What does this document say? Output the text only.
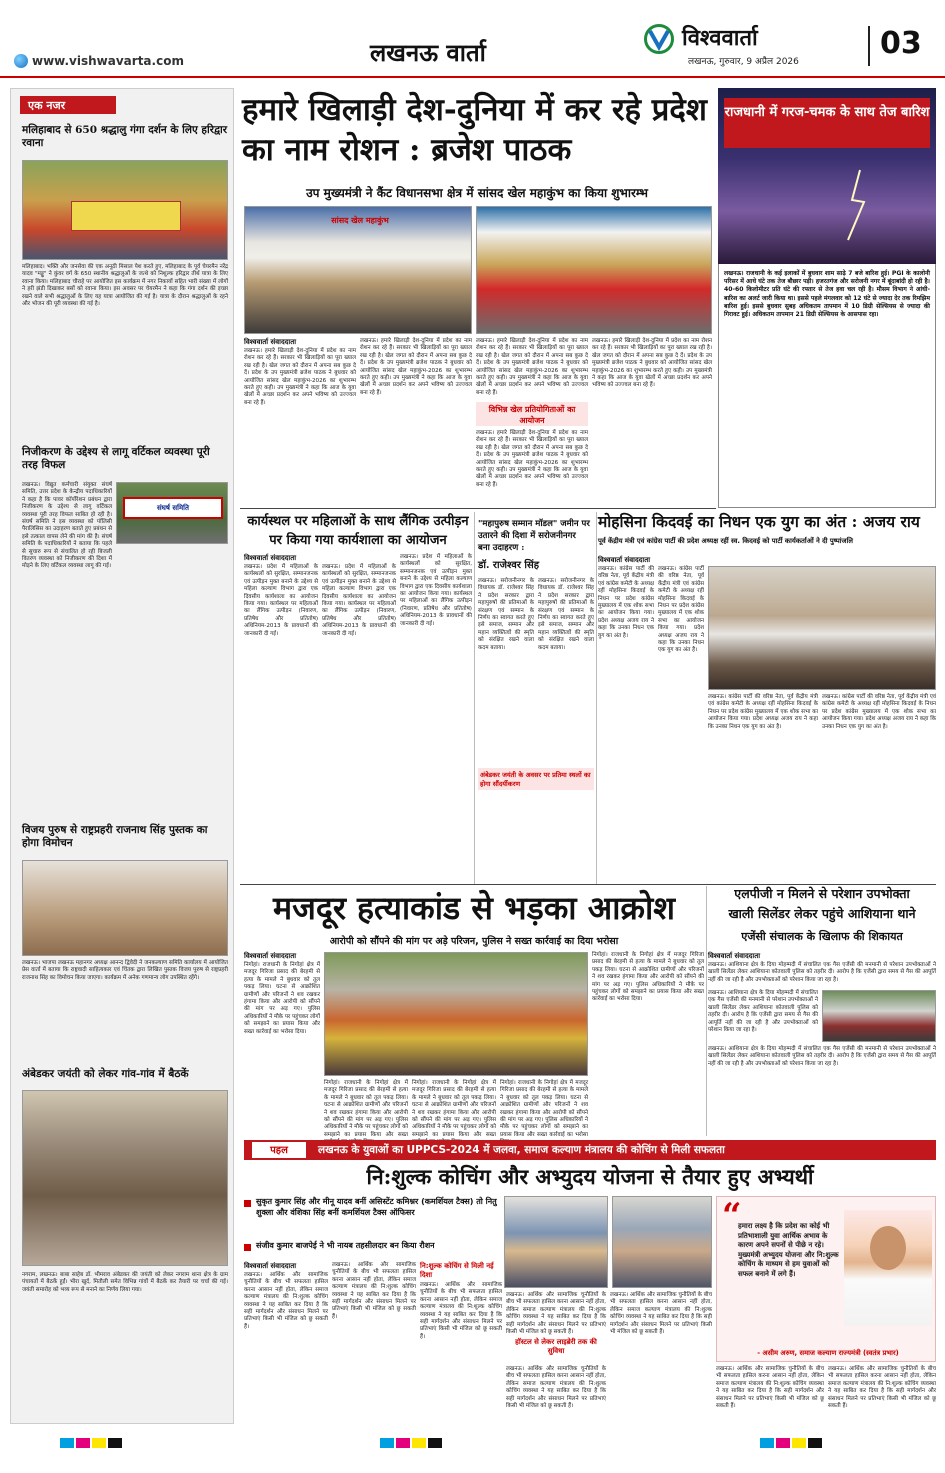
लखनऊ वार्ता
www.vishwavarta.com
विश्ववार्ता
लखनऊ, गुरुवार, 9 अप्रैल 2026
03
एक नजर
मलिहाबाद से 650 श्रद्धालु गंगा दर्शन के लिए हरिद्वार रवाना
मलिहाबाद। भक्ति और जनसेवा की एक अनूठी मिसाल पेश करते हुए, मलिहाबाद के पूर्व चेयरमैन नरेंद्र यादव "मड्डू" ने कुंवर वर्ग के 650 स्थानीय श्रद्धालुओं के जत्थे को निशुल्क हरिद्वार तीर्थ यात्रा के लिए रवाना किया। मलिहाबाद चौराहे पर आयोजित इस कार्यक्रम में नगर निकायों सहित भारी संख्या में लोगों ने हरी झंडी दिखाकर बसों को रवाना किया। इस अवसर पर चेयरमैन ने कहा कि गंगा दर्शन की इच्छा रखने वाले सभी श्रद्धालुओं के लिए यह यात्रा आयोजित की गई है। यात्रा के दौरान श्रद्धालुओं के रहने और भोजन की पूरी व्यवस्था की गई है।
निजीकरण के उद्देश्य से लागू वर्टिकल व्यवस्था पूरी तरह विफल
संघर्ष समिति
लखनऊ। विद्युत कर्मचारी संयुक्त संघर्ष समिति, उत्तर प्रदेश के केन्द्रीय पदाधिकारियों ने कहा है कि पावर कॉर्पोरेशन प्रबंधन द्वारा निजीकरण के उद्देश्य से लागू वर्टिकल व्यवस्था पूरी तरह विफल साबित हो रही है। संघर्ष समिति ने इस व्यवस्था को पॉलिसी पैरालिसिस का उदाहरण बताते हुए प्रबंधन से इसे तत्काल वापस लेने की मांग की है। संघर्ष समिति के पदाधिकारियों ने बताया कि पहले से सुचारु रूप से संचालित हो रही बिजली वितरण व्यवस्था को निजीकरण की दिशा में मोड़ने के लिए वर्टिकल व्यवस्था लागू की गई।
विजय पुरुष से राष्ट्रप्रहरी राजनाथ सिंह पुस्तक का होगा विमोचन
लखनऊ। भाजपा लखनऊ महानगर अध्यक्ष आनन्द द्विवेदी ने जनकल्याण समिति कार्यालय में आयोजित प्रेस वार्ता में बताया कि राष्ट्रवादी साहित्यकार एवं चिंतक द्वारा लिखित पुस्तक विजय पुरुष से राष्ट्रप्रहरी राजनाथ सिंह का विमोचन किया जाएगा। कार्यक्रम में अनेक गणमान्य लोग उपस्थित रहेंगे।
अंबेडकर जयंती को लेकर गांव-गांव में बैठकें
नगराम, लखनऊ। बाबा साहेब डॉ. भीमराव अंबेडकर की जयंती को लेकर नगराम थाना क्षेत्र के ग्राम पंचायतों में बैठकें हुईं। भीरा खुर्द, मितौली समेत विभिन्न गांवों में बैठकें कर तैयारी पर चर्चा की गई। जयंती समारोह को भव्य रूप से मनाने का निर्णय लिया गया।
हमारे खिलाड़ी देश-दुनिया में कर रहे प्रदेश का नाम रोशन : ब्रजेश पाठक
उप मुख्यमंत्री ने कैंट विधानसभा क्षेत्र में सांसद खेल महाकुंभ का किया शुभारम्भ
सांसद खेल महाकुंभ
विश्ववार्ता संवाददाता
लखनऊ। हमारे खिलाड़ी देश-दुनिया में प्रदेश का नाम रोशन कर रहे हैं। सरकार भी खिलाड़ियों का पूरा ख्याल रख रही है। खेल जगत को दौरान में अपना सब कुछ दे दें। प्रदेश के उप मुख्यमंत्री ब्रजेश पाठक ने बुधवार को आयोजित सांसद खेल महाकुंभ-2026 का शुभारम्भ करते हुए कही। उप मुख्यमंत्री ने कहा कि आज के युवा खेलों में अच्छा प्रदर्शन कर अपने भविष्य को उज्ज्वल बना रहे हैं।
लखनऊ। हमारे खिलाड़ी देश-दुनिया में प्रदेश का नाम रोशन कर रहे हैं। सरकार भी खिलाड़ियों का पूरा ख्याल रख रही है। खेल जगत को दौरान में अपना सब कुछ दे दें। प्रदेश के उप मुख्यमंत्री ब्रजेश पाठक ने बुधवार को आयोजित सांसद खेल महाकुंभ-2026 का शुभारम्भ करते हुए कही। उप मुख्यमंत्री ने कहा कि आज के युवा खेलों में अच्छा प्रदर्शन कर अपने भविष्य को उज्ज्वल बना रहे हैं।
लखनऊ। हमारे खिलाड़ी देश-दुनिया में प्रदेश का नाम रोशन कर रहे हैं। सरकार भी खिलाड़ियों का पूरा ख्याल रख रही है। खेल जगत को दौरान में अपना सब कुछ दे दें। प्रदेश के उप मुख्यमंत्री ब्रजेश पाठक ने बुधवार को आयोजित सांसद खेल महाकुंभ-2026 का शुभारम्भ करते हुए कही। उप मुख्यमंत्री ने कहा कि आज के युवा खेलों में अच्छा प्रदर्शन कर अपने भविष्य को उज्ज्वल बना रहे हैं।
विभिन्न खेल प्रतियोगिताओं का आयोजन
लखनऊ। हमारे खिलाड़ी देश-दुनिया में प्रदेश का नाम रोशन कर रहे हैं। सरकार भी खिलाड़ियों का पूरा ख्याल रख रही है। खेल जगत को दौरान में अपना सब कुछ दे दें। प्रदेश के उप मुख्यमंत्री ब्रजेश पाठक ने बुधवार को आयोजित सांसद खेल महाकुंभ-2026 का शुभारम्भ करते हुए कही। उप मुख्यमंत्री ने कहा कि आज के युवा खेलों में अच्छा प्रदर्शन कर अपने भविष्य को उज्ज्वल बना रहे हैं।
लखनऊ। हमारे खिलाड़ी देश-दुनिया में प्रदेश का नाम रोशन कर रहे हैं। सरकार भी खिलाड़ियों का पूरा ख्याल रख रही है। खेल जगत को दौरान में अपना सब कुछ दे दें। प्रदेश के उप मुख्यमंत्री ब्रजेश पाठक ने बुधवार को आयोजित सांसद खेल महाकुंभ-2026 का शुभारम्भ करते हुए कही। उप मुख्यमंत्री ने कहा कि आज के युवा खेलों में अच्छा प्रदर्शन कर अपने भविष्य को उज्ज्वल बना रहे हैं।
राजधानी में गरज-चमक के साथ तेज बारिश
लखनऊ। राजधानी के कई इलाकों में बुधवार शाम साढ़े 7 बजे बारिश हुई। PGI के कालोनी परिसर में आधे घंटे तक तेज बौछार पड़ी। हजरतगंज और सरोजनी नगर में बूंदाबांदी हो रही है। 40-60 किलोमीटर प्रति घंटे की रफ्तार से तेज हवा चल रही है। मौसम विभाग ने आंधी-बारिश का अलर्ट जारी किया था। इससे पहले मंगलवार को 12 घंटे से ज्यादा देर तक रिमझिम बारिश हुई। इससे बुधवार सुबह अधिकतम तापमान में 10 डिग्री सेल्सियस से ज्यादा की गिरावट हुई। अधिकतम तापमान 21 डिग्री सेल्सियस के आसपास रहा।
कार्यस्थल पर महिलाओं के साथ लैंगिक उत्पीड़न पर किया गया कार्यशाला का आयोजन
विश्ववार्ता संवाददाता
लखनऊ। प्रदेश में महिलाओं के कार्यस्थलों को सुरक्षित, सम्मानजनक एवं उत्पीड़न मुक्त बनाने के उद्देश्य से महिला कल्याण विभाग द्वारा एक दिवसीय कार्यशाला का आयोजन किया गया। कार्यस्थल पर महिलाओं का लैंगिक उत्पीड़न (निवारण, प्रतिषेध और प्रतितोष) अधिनियम-2013 के प्रावधानों की जानकारी दी गई।
लखनऊ। प्रदेश में महिलाओं के कार्यस्थलों को सुरक्षित, सम्मानजनक एवं उत्पीड़न मुक्त बनाने के उद्देश्य से महिला कल्याण विभाग द्वारा एक दिवसीय कार्यशाला का आयोजन किया गया। कार्यस्थल पर महिलाओं का लैंगिक उत्पीड़न (निवारण, प्रतिषेध और प्रतितोष) अधिनियम-2013 के प्रावधानों की जानकारी दी गई।
लखनऊ। प्रदेश में महिलाओं के कार्यस्थलों को सुरक्षित, सम्मानजनक एवं उत्पीड़न मुक्त बनाने के उद्देश्य से महिला कल्याण विभाग द्वारा एक दिवसीय कार्यशाला का आयोजन किया गया। कार्यस्थल पर महिलाओं का लैंगिक उत्पीड़न (निवारण, प्रतिषेध और प्रतितोष) अधिनियम-2013 के प्रावधानों की जानकारी दी गई।
"महापुरुष सम्मान मॉडल" जमीन पर उतारने की दिशा में सरोजनीनगर बना उदाहरण :
डॉ. राजेश्वर सिंह
लखनऊ। सरोजनीनगर के विधायक डॉ. राजेश्वर सिंह ने प्रदेश सरकार द्वारा महापुरुषों की प्रतिमाओं के संरक्षण एवं सम्मान के निर्णय का स्वागत करते हुए इसे समाज, सम्मान और महान व्यक्तित्वों की स्मृति को संरक्षित रखने वाला कदम बताया।
लखनऊ। सरोजनीनगर के विधायक डॉ. राजेश्वर सिंह ने प्रदेश सरकार द्वारा महापुरुषों की प्रतिमाओं के संरक्षण एवं सम्मान के निर्णय का स्वागत करते हुए इसे समाज, सम्मान और महान व्यक्तित्वों की स्मृति को संरक्षित रखने वाला कदम बताया।
अंबेडकर जयंती के अवसर पर प्रतिमा स्थलों का होगा सौंदर्यीकरण
मोहसिना किदवई का निधन एक युग का अंत : अजय राय
पूर्व केंद्रीय मंत्री एवं कांग्रेस पार्टी की प्रदेश अध्यक्ष रहीं स्व. किदवई को पार्टी कार्यकर्ताओं ने दी पुष्पांजलि
विश्ववार्ता संवाददाता
लखनऊ। कांग्रेस पार्टी की वरिष्ठ नेता, पूर्व केंद्रीय मंत्री एवं कांग्रेस कमेटी के अध्यक्ष रहीं मोहसिना किदवई के निधन पर प्रदेश कांग्रेस मुख्यालय में एक शोक सभा का आयोजन किया गया। प्रदेश अध्यक्ष अजय राय ने कहा कि उनका निधन एक युग का अंत है।
लखनऊ। कांग्रेस पार्टी की वरिष्ठ नेता, पूर्व केंद्रीय मंत्री एवं कांग्रेस कमेटी के अध्यक्ष रहीं मोहसिना किदवई के निधन पर प्रदेश कांग्रेस मुख्यालय में एक शोक सभा का आयोजन किया गया। प्रदेश अध्यक्ष अजय राय ने कहा कि उनका निधन एक युग का अंत है।
लखनऊ। कांग्रेस पार्टी की वरिष्ठ नेता, पूर्व केंद्रीय मंत्री एवं कांग्रेस कमेटी के अध्यक्ष रहीं मोहसिना किदवई के निधन पर प्रदेश कांग्रेस मुख्यालय में एक शोक सभा का आयोजन किया गया। प्रदेश अध्यक्ष अजय राय ने कहा कि उनका निधन एक युग का अंत है।
लखनऊ। कांग्रेस पार्टी की वरिष्ठ नेता, पूर्व केंद्रीय मंत्री एवं कांग्रेस कमेटी के अध्यक्ष रहीं मोहसिना किदवई के निधन पर प्रदेश कांग्रेस मुख्यालय में एक शोक सभा का आयोजन किया गया। प्रदेश अध्यक्ष अजय राय ने कहा कि उनका निधन एक युग का अंत है।
मजदूर हत्याकांड से भड़का आक्रोश
आरोपी को सौंपने की मांग पर अड़े परिजन, पुलिस ने सख्त कार्रवाई का दिया भरोसा
विश्ववार्ता संवाददाता
निगोहां। राजधानी के निगोहां क्षेत्र में मजदूर गिरिजा प्रसाद की बेरहमी से हत्या के मामले ने बुधवार को तूल पकड़ लिया। घटना से आक्रोशित ग्रामीणों और परिजनों ने शव रखकर हंगामा किया और आरोपी को सौंपने की मांग पर अड़ गए। पुलिस अधिकारियों ने मौके पर पहुंचकर लोगों को समझाने का प्रयास किया और सख्त कार्रवाई का भरोसा दिया।
निगोहां। राजधानी के निगोहां क्षेत्र में मजदूर गिरिजा प्रसाद की बेरहमी से हत्या के मामले ने बुधवार को तूल पकड़ लिया। घटना से आक्रोशित ग्रामीणों और परिजनों ने शव रखकर हंगामा किया और आरोपी को सौंपने की मांग पर अड़ गए। पुलिस अधिकारियों ने मौके पर पहुंचकर लोगों को समझाने का प्रयास किया और सख्त
निगोहां। राजधानी के निगोहां क्षेत्र में मजदूर गिरिजा प्रसाद की बेरहमी से हत्या के मामले ने बुधवार को तूल पकड़ लिया। घटना से आक्रोशित ग्रामीणों और परिजनों ने शव रखकर हंगामा किया और आरोपी को सौंपने की मांग पर अड़ गए। पुलिस अधिकारियों ने मौके पर पहुंचकर लोगों को समझाने का प्रयास किया और सख्त
निगोहां। राजधानी के निगोहां क्षेत्र में मजदूर गिरिजा प्रसाद की बेरहमी से हत्या के मामले ने बुधवार को तूल पकड़ लिया। घटना से आक्रोशित ग्रामीणों और परिजनों ने शव रखकर हंगामा किया और आरोपी को सौंपने की मांग पर अड़ गए। पुलिस अधिकारियों ने मौके पर पहुंचकर लोगों को समझाने का प्रयास किया और सख्त कार्रवाई का भरोसा
निगोहां। राजधानी के निगोहां क्षेत्र में मजदूर गिरिजा प्रसाद की बेरहमी से हत्या के मामले ने बुधवार को तूल पकड़ लिया। घटना से आक्रोशित ग्रामीणों और परिजनों ने शव रखकर हंगामा किया और आरोपी को सौंपने की मांग पर अड़ गए। पुलिस अधिकारियों ने मौके पर पहुंचकर लोगों को समझाने का प्रयास किया और सख्त कार्रवाई का भरोसा दिया।
एलपीजी न मिलने से परेशान उपभोक्ता
खाली सिलेंडर लेकर पहुंचे आशियाना थाने
एजेंसी संचालक के खिलाफ की शिकायत
विश्ववार्ता संवाददाता
लखनऊ। आशियाना क्षेत्र के दिया मोहम्मदी में संचालित एक गैस एजेंसी की मनमानी से परेशान उपभोक्ताओं ने खाली सिलेंडर लेकर आशियाना कोतवाली पुलिस को तहरीर दी। आरोप है कि एजेंसी द्वारा समय से गैस की आपूर्ति नहीं की जा रही है और उपभोक्ताओं को परेशान किया जा रहा है।
लखनऊ। आशियाना क्षेत्र के दिया मोहम्मदी में संचालित एक गैस एजेंसी की मनमानी से परेशान उपभोक्ताओं ने खाली सिलेंडर लेकर आशियाना कोतवाली पुलिस को तहरीर दी। आरोप है कि एजेंसी द्वारा समय से गैस की आपूर्ति नहीं की जा रही है और उपभोक्ताओं को परेशान किया जा रहा है।
लखनऊ। आशियाना क्षेत्र के दिया मोहम्मदी में संचालित एक गैस एजेंसी की मनमानी से परेशान उपभोक्ताओं ने खाली सिलेंडर लेकर आशियाना कोतवाली पुलिस को तहरीर दी। आरोप है कि एजेंसी द्वारा समय से गैस की आपूर्ति नहीं की जा रही है और उपभोक्ताओं को परेशान किया जा रहा है।
पहल	लखनऊ के युवाओं का UPPCS-2024 में जलवा, समाज कल्याण मंत्रालय की कोचिंग से मिली सफलता
नि:शुल्क कोचिंग और अभ्युदय योजना से तैयार हुए अभ्यर्थी
सुकृत कुमार सिंह और मीनू यादव बनीं असिस्टेंट कमिश्नर (कमर्शियल टैक्स) तो नितु शुक्ला और वंशिका सिंह बनीं कमर्शियल टैक्स ऑफिसर
संजीव कुमार बाजपेई ने भी नायब तहसीलदार बन किया रौशन
विश्ववार्ता संवाददाता
लखनऊ। आर्थिक और सामाजिक चुनौतियों के बीच भी सफलता हासिल करना आसान नहीं होता, लेकिन समाज कल्याण मंत्रालय की नि:शुल्क कोचिंग व्यवस्था ने यह साबित कर दिया है कि सही मार्गदर्शन और संसाधन मिलने पर प्रतिभाएं किसी भी मंजिल को छू सकती हैं।
लखनऊ। आर्थिक और सामाजिक चुनौतियों के बीच भी सफलता हासिल करना आसान नहीं होता, लेकिन समाज कल्याण मंत्रालय की नि:शुल्क कोचिंग व्यवस्था ने यह साबित कर दिया है कि सही मार्गदर्शन और संसाधन मिलने पर प्रतिभाएं किसी भी मंजिल को छू सकती हैं।
नि:शुल्क कोचिंग से मिली नई दिशा
लखनऊ। आर्थिक और सामाजिक चुनौतियों के बीच भी सफलता हासिल करना आसान नहीं होता, लेकिन समाज कल्याण मंत्रालय की नि:शुल्क कोचिंग व्यवस्था ने यह साबित कर दिया है कि सही मार्गदर्शन और संसाधन मिलने पर प्रतिभाएं किसी भी मंजिल को छू सकती हैं।
लखनऊ। आर्थिक और सामाजिक चुनौतियों के बीच भी सफलता हासिल करना आसान नहीं होता, लेकिन समाज कल्याण मंत्रालय की नि:शुल्क कोचिंग व्यवस्था ने यह साबित कर दिया है कि सही मार्गदर्शन और संसाधन मिलने पर प्रतिभाएं किसी भी मंजिल को छू सकती हैं।
हॉस्टल से लेकर लाइब्रेरी तक की सुविधा
लखनऊ। आर्थिक और सामाजिक चुनौतियों के बीच भी सफलता हासिल करना आसान नहीं होता, लेकिन समाज कल्याण मंत्रालय की नि:शुल्क कोचिंग व्यवस्था ने यह साबित कर दिया है कि सही मार्गदर्शन और संसाधन मिलने पर प्रतिभाएं किसी भी मंजिल को छू सकती हैं।
लखनऊ। आर्थिक और सामाजिक चुनौतियों के बीच भी सफलता हासिल करना आसान नहीं होता, लेकिन समाज कल्याण मंत्रालय की नि:शुल्क कोचिंग व्यवस्था ने यह साबित कर दिया है कि सही मार्गदर्शन और संसाधन मिलने पर प्रतिभाएं किसी भी मंजिल को छू सकती हैं।
“
हमारा लक्ष्य है कि प्रदेश का कोई भी प्रतिभाशाली युवा आर्थिक अभाव के कारण अपने सपनों से पीछे न रहे। मुख्यमंत्री अभ्युदय योजना और नि:शुल्क कोचिंग के माध्यम से हम युवाओं को सफल बनाने में लगे हैं।
- असीम अरुण, समाज कल्याण राज्यमंत्री (स्वतंत्र प्रभार)
लखनऊ। आर्थिक और सामाजिक चुनौतियों के बीच भी सफलता हासिल करना आसान नहीं होता, लेकिन समाज कल्याण मंत्रालय की नि:शुल्क कोचिंग व्यवस्था ने यह साबित कर दिया है कि सही मार्गदर्शन और संसाधन मिलने पर प्रतिभाएं किसी भी मंजिल को छू सकती हैं।
लखनऊ। आर्थिक और सामाजिक चुनौतियों के बीच भी सफलता हासिल करना आसान नहीं होता, लेकिन समाज कल्याण मंत्रालय की नि:शुल्क कोचिंग व्यवस्था ने यह साबित कर दिया है कि सही मार्गदर्शन और संसाधन मिलने पर प्रतिभाएं किसी भी मंजिल को छू सकती हैं।
